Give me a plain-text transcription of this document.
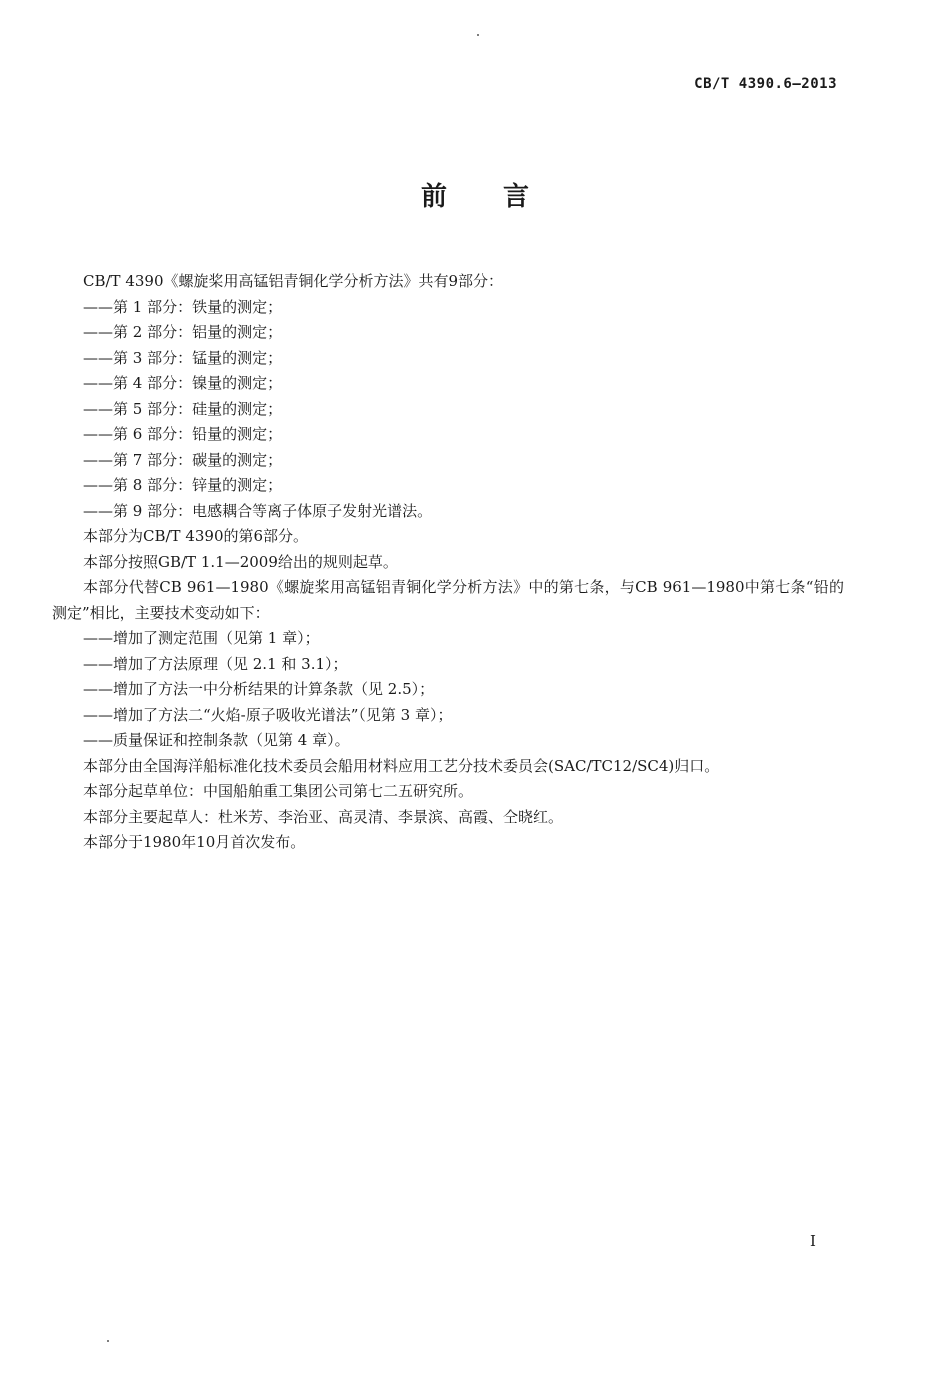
CB/T 4390.6—2013
前言

CB/T 4390《螺旋桨用高锰铝青铜化学分析方法》共有9部分：

——第 1 部分：铁量的测定；

——第 2 部分：铝量的测定；

——第 3 部分：锰量的测定；

——第 4 部分：镍量的测定；

——第 5 部分：硅量的测定；

——第 6 部分：铅量的测定；

——第 7 部分：碳量的测定；

——第 8 部分：锌量的测定；

——第 9 部分：电感耦合等离子体原子发射光谱法。

本部分为CB/T 4390的第6部分。

本部分按照GB/T 1.1—2009给出的规则起草。

本部分代替CB 961—1980《螺旋桨用高锰铝青铜化学分析方法》中的第七条，与CB 961—1980中第七条“铅的测定”相比，主要技术变动如下：

——增加了测定范围（见第 1 章）；

——增加了方法原理（见 2.1 和 3.1）；

——增加了方法一中分析结果的计算条款（见 2.5）；

——增加了方法二“火焰-原子吸收光谱法”（见第 3 章）；

——质量保证和控制条款（见第 4 章）。

本部分由全国海洋船标准化技术委员会船用材料应用工艺分技术委员会(SAC/TC12/SC4)归口。

本部分起草单位：中国船舶重工集团公司第七二五研究所。

本部分主要起草人：杜米芳、李治亚、高灵清、李景滨、高霞、仝晓红。

本部分于1980年10月首次发布。

I
